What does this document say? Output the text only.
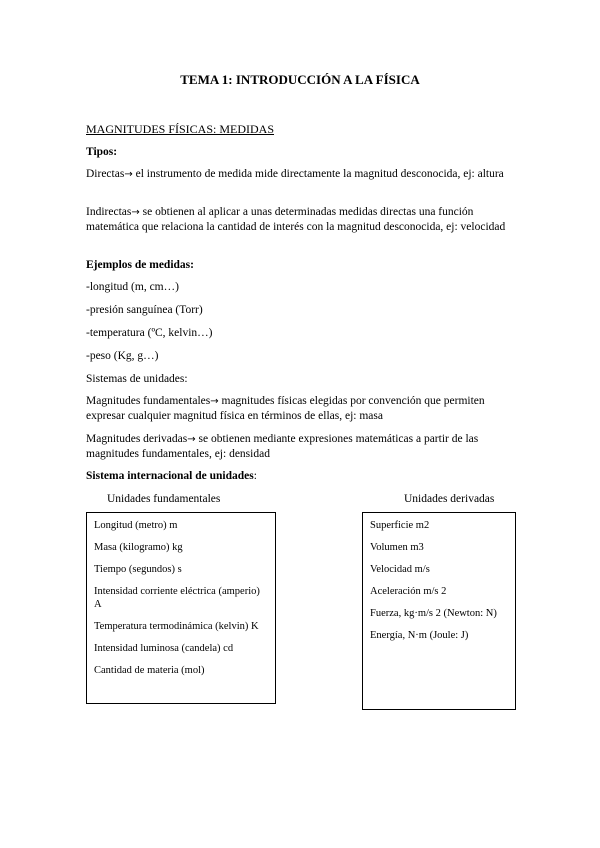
TEMA 1: INTRODUCCIÓN A LA FÍSICA
MAGNITUDES FÍSICAS: MEDIDAS
Tipos:
Directas→ el instrumento de medida mide directamente la magnitud desconocida, ej: altura
Indirectas→ se obtienen al aplicar a unas determinadas medidas directas una función matemática que relaciona la cantidad de interés con la magnitud desconocida, ej: velocidad
Ejemplos de medidas:
-longitud (m, cm…)
-presión sanguínea (Torr)
-temperatura (ºC, kelvin…)
-peso (Kg, g…)
Sistemas de unidades:
Magnitudes fundamentales→ magnitudes físicas elegidas por convención que permiten expresar cualquier magnitud física en términos de ellas, ej: masa
Magnitudes derivadas→ se obtienen mediante expresiones matemáticas a partir de las magnitudes fundamentales, ej: densidad
Sistema internacional de unidades:
Unidades fundamentales	Unidades derivadas
Longitud (metro) m
Masa (kilogramo) kg
Tiempo (segundos) s
Intensidad corriente eléctrica (amperio) A
Temperatura termodinámica (kelvin) K
Intensidad luminosa (candela) cd
Cantidad de materia (mol)
Superficie m2
Volumen m3
Velocidad m/s
Aceleración m/s 2
Fuerza, kg·m/s 2 (Newton: N)
Energía, N·m (Joule: J)
